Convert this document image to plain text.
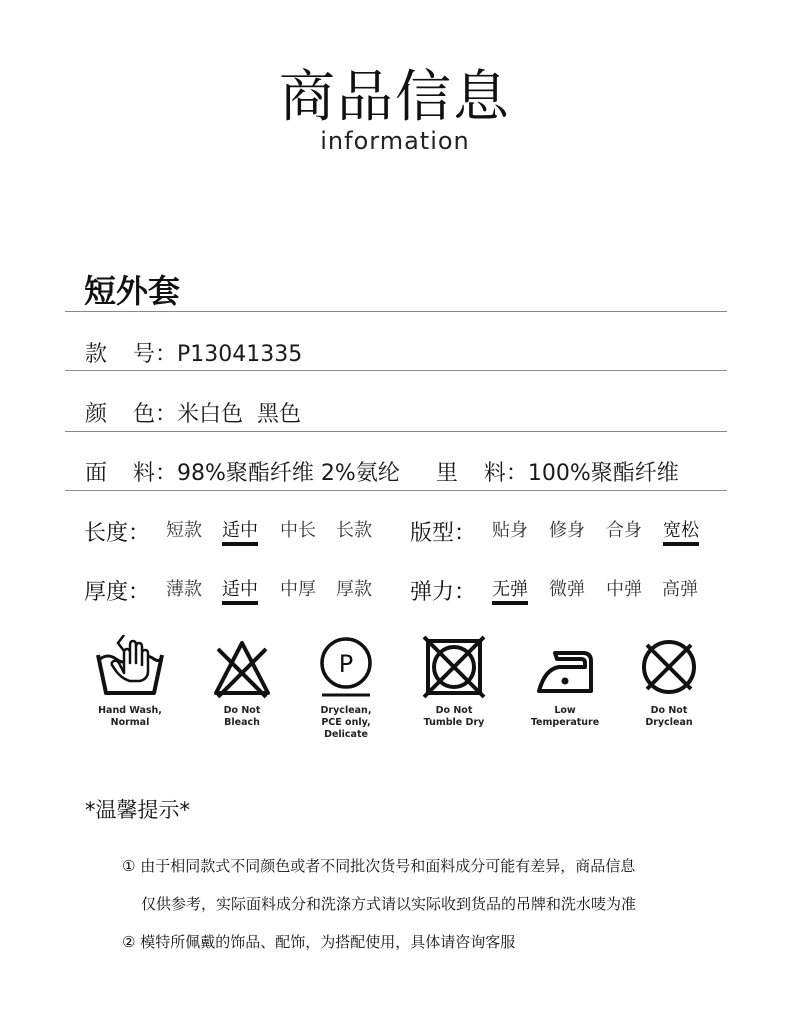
商品信息
information
短外套
款 号：P13041335
颜 色：米白色  黑色
面 料：98%聚酯纤维 2%氨纶 里 料：100%聚酯纤维
长度： 短款 适中 中长 长款 版型： 贴身 修身 合身 宽松
厚度： 薄款 适中 中厚 厚款 弹力： 无弹 微弹 中弹 高弹
Hand Wash,
Normal
Do Not
Bleach
P
Dryclean,
PCE only,
Delicate
Do Not
Tumble Dry
Low
Temperature
Do Not
Dryclean
*温馨提示*
① 由于相同款式不同颜色或者不同批次货号和面料成分可能有差异，商品信息
仅供参考，实际面料成分和洗涤方式请以实际收到货品的吊牌和洗水唛为准
② 模特所佩戴的饰品、配饰，为搭配使用，具体请咨询客服
